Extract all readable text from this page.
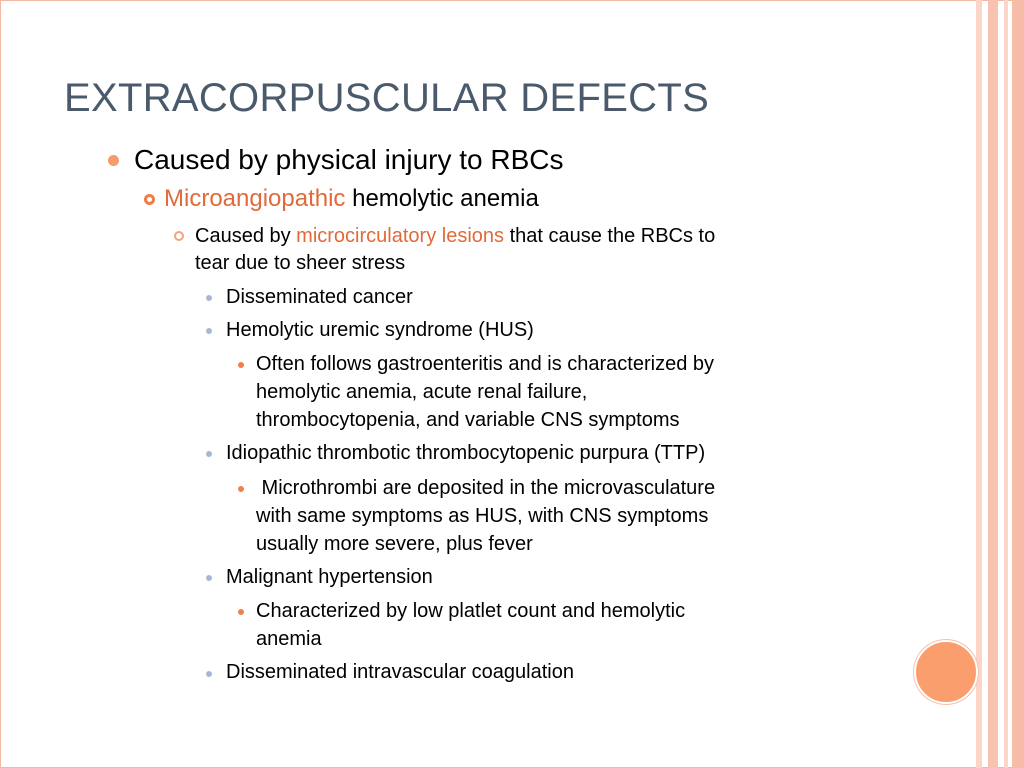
EXTRACORPUSCULAR DEFECTS
Caused by physical injury to RBCs
Microangiopathic hemolytic anemia
Caused by microcirculatory lesions that cause the RBCs to
tear due to sheer stress
Disseminated cancer
Hemolytic uremic syndrome (HUS)
Often follows gastroenteritis and is characterized by
hemolytic anemia, acute renal failure,
thrombocytopenia, and variable CNS symptoms
Idiopathic thrombotic thrombocytopenic purpura (TTP)
Microthrombi are deposited in the microvasculature
with same symptoms as HUS, with CNS symptoms
usually more severe, plus fever
Malignant hypertension
Characterized by low platlet count and hemolytic
anemia
Disseminated intravascular coagulation
